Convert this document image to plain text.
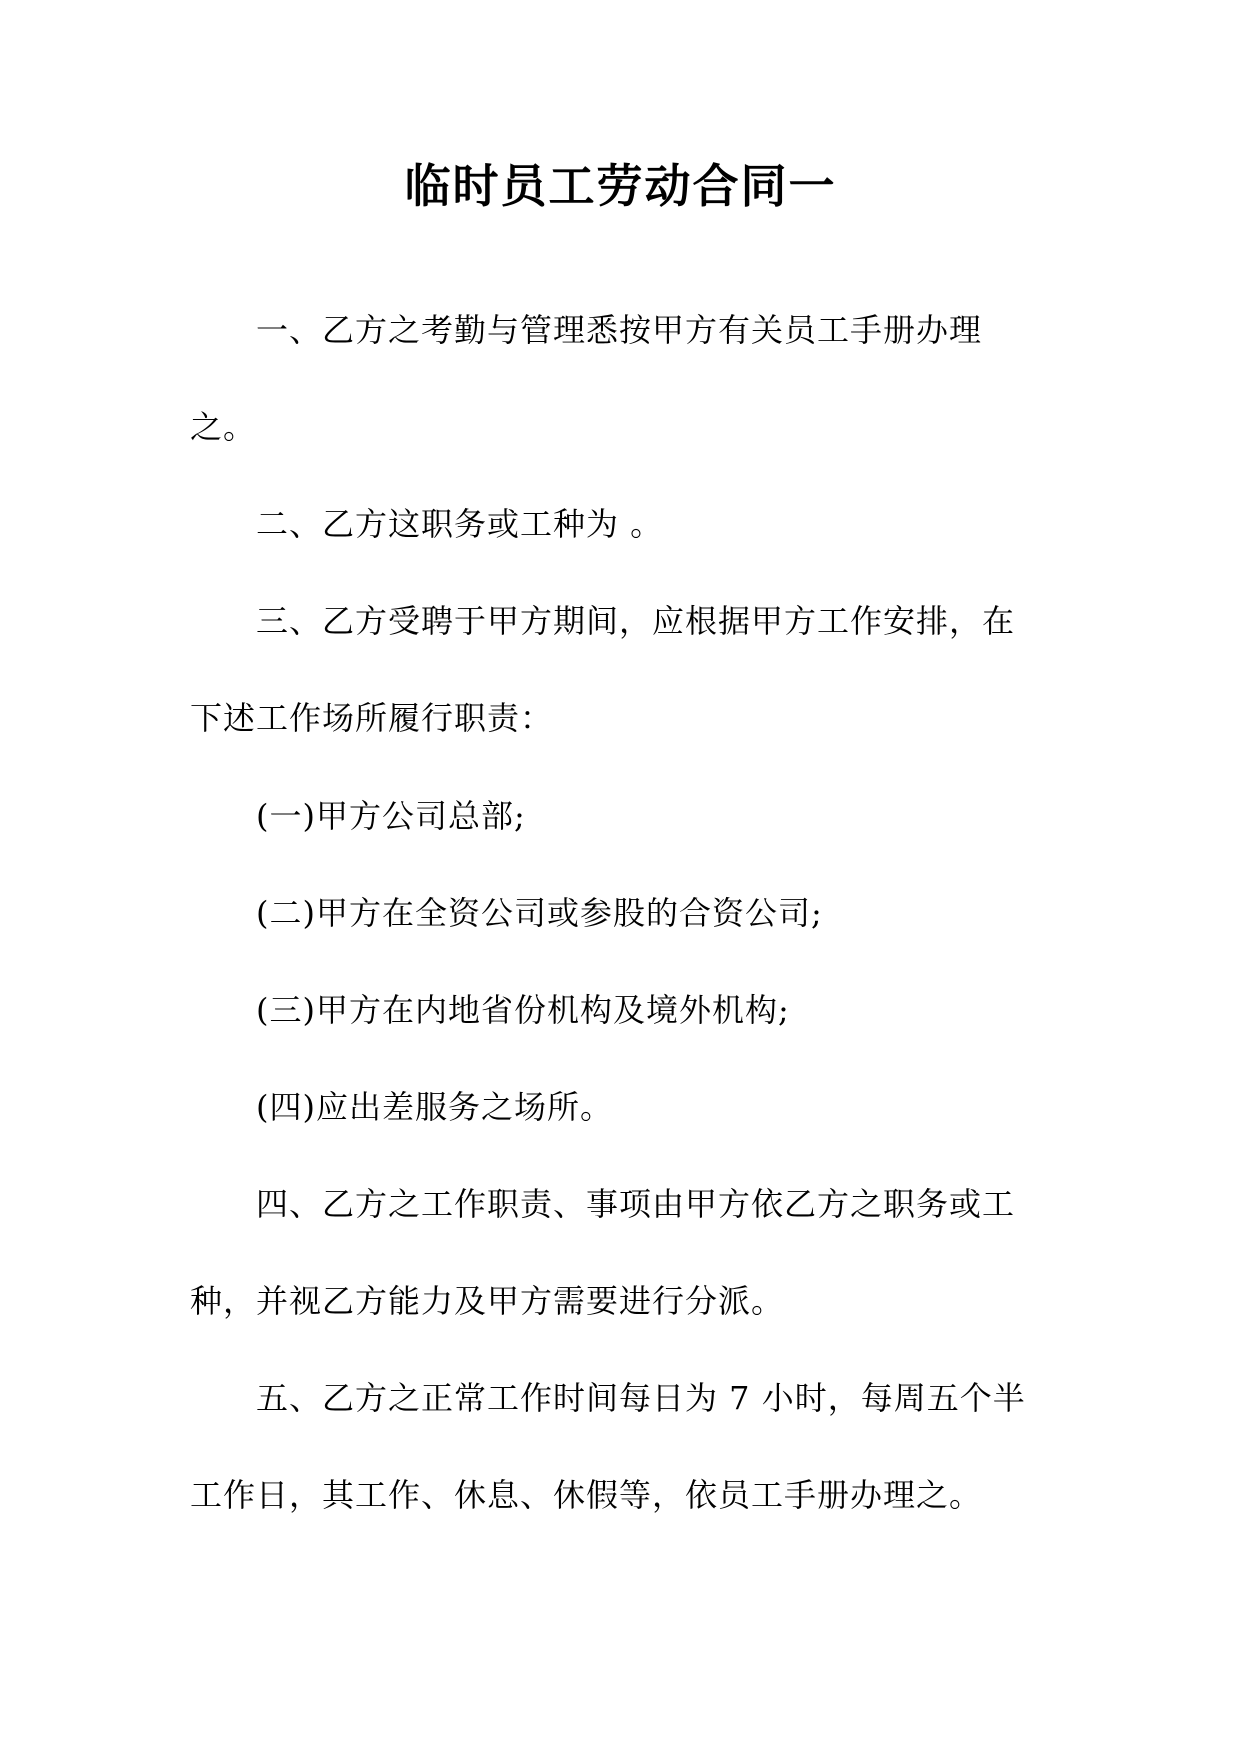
临时员工劳动合同一
一、乙方之考勤与管理悉按甲方有关员工手册办理
之。
二、乙方这职务或工种为 。
三、乙方受聘于甲方期间，应根据甲方工作安排，在
下述工作场所履行职责：
(一)甲方公司总部;
(二)甲方在全资公司或参股的合资公司;
(三)甲方在内地省份机构及境外机构;
(四)应出差服务之场所。
四、乙方之工作职责、事项由甲方依乙方之职务或工
种，并视乙方能力及甲方需要进行分派。
五、乙方之正常工作时间每日为 7 小时，每周五个半
工作日，其工作、休息、休假等，依员工手册办理之。
